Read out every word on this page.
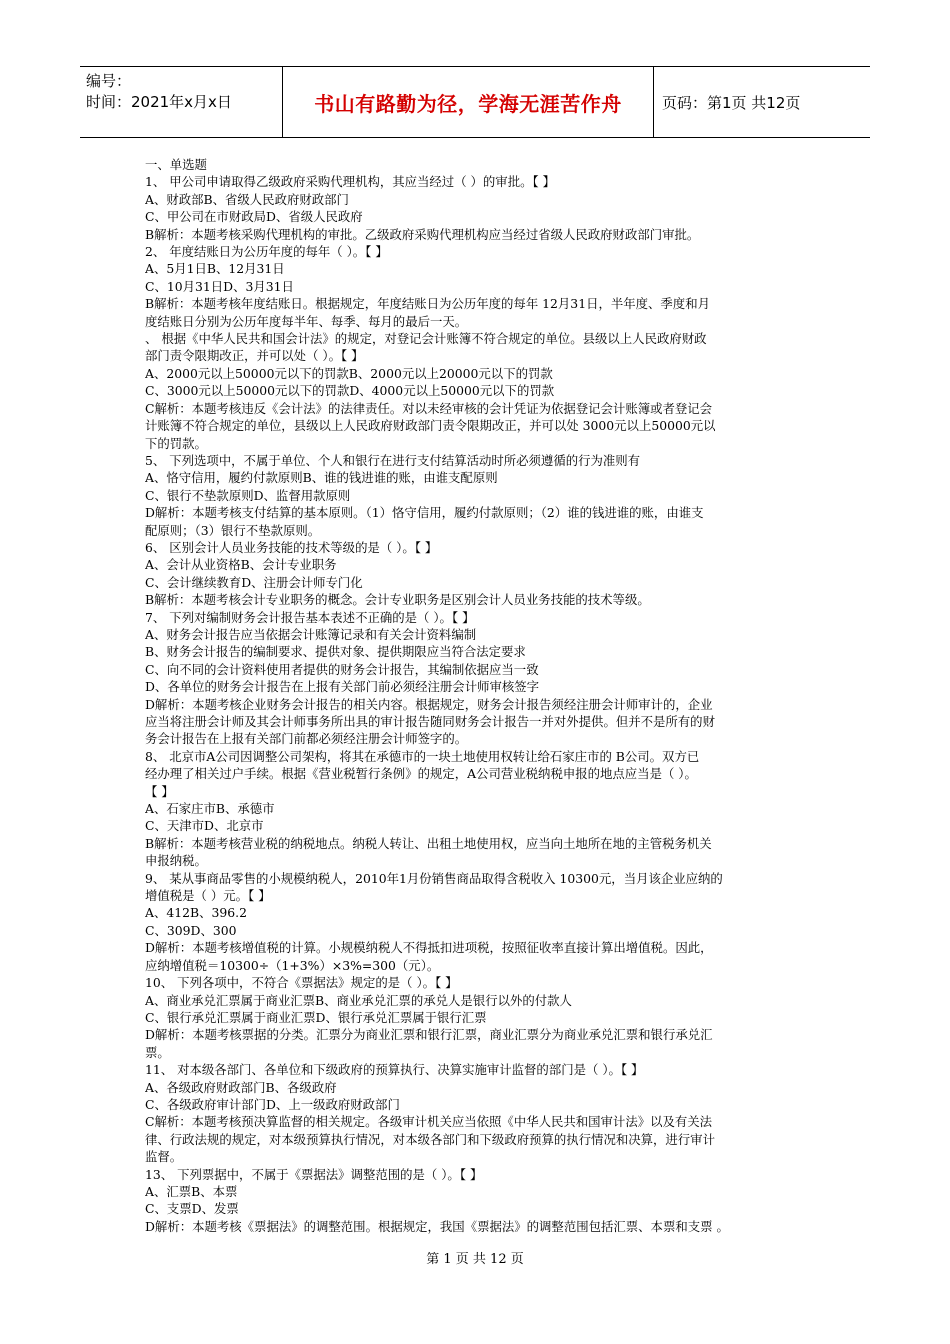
编号：
时间：2021年x月x日	书山有路勤为径，学海无涯苦作舟	页码：第1页 共12页
一、单选题
1、 甲公司申请取得乙级政府采购代理机构，其应当经过（ ）的审批。【 】
A、财政部B、省级人民政府财政部门
C、甲公司在市财政局D、省级人民政府
B解析：本题考核采购代理机构的审批。乙级政府采购代理机构应当经过省级人民政府财政部门审批。
2、 年度结账日为公历年度的每年（ ）。【 】
A、5月1日B、12月31日
C、10月31日D、3月31日
B解析：本题考核年度结账日。根据规定，年度结账日为公历年度的每年 12月31日，半年度、季度和月
度结账日分别为公历年度每半年、每季、每月的最后一天。
、 根据《中华人民共和国会计法》的规定，对登记会计账簿不符合规定的单位。县级以上人民政府财政
部门责令限期改正，并可以处（ ）。【 】
A、2000元以上50000元以下的罚款B、2000元以上20000元以下的罚款
C、3000元以上50000元以下的罚款D、4000元以上50000元以下的罚款
C解析：本题考核违反《会计法》的法律责任。对以未经审核的会计凭证为依据登记会计账簿或者登记会
计账簿不符合规定的单位，县级以上人民政府财政部门责令限期改正，并可以处 3000元以上50000元以
下的罚款。
5、 下列选项中，不属于单位、个人和银行在进行支付结算活动时所必须遵循的行为准则有
A、恪守信用，履约付款原则B、谁的钱进谁的账，由谁支配原则
C、银行不垫款原则D、监督用款原则
D解析：本题考核支付结算的基本原则。（1）恪守信用，履约付款原则；（2）谁的钱进谁的账，由谁支
配原则；（3）银行不垫款原则。
6、 区别会计人员业务技能的技术等级的是（ ）。【 】
A、会计从业资格B、会计专业职务
C、会计继续教育D、注册会计师专门化
B解析：本题考核会计专业职务的概念。会计专业职务是区别会计人员业务技能的技术等级。
7、 下列对编制财务会计报告基本表述不正确的是（ ）。【 】
A、财务会计报告应当依据会计账簿记录和有关会计资料编制
B、财务会计报告的编制要求、提供对象、提供期限应当符合法定要求
C、向不同的会计资料使用者提供的财务会计报告，其编制依据应当一致
D、各单位的财务会计报告在上报有关部门前必须经注册会计师审核签字
D解析：本题考核企业财务会计报告的相关内容。根据规定，财务会计报告须经注册会计师审计的，企业
应当将注册会计师及其会计师事务所出具的审计报告随同财务会计报告一并对外提供。但并不是所有的财
务会计报告在上报有关部门前都必须经注册会计师签字的。
8、 北京市A公司因调整公司架构，将其在承德市的一块土地使用权转让给石家庄市的 B公司。双方已
经办理了相关过户手续。根据《营业税暂行条例》的规定，A公司营业税纳税申报的地点应当是（ ）。
【 】
A、石家庄市B、承德市
C、天津市D、北京市
B解析：本题考核营业税的纳税地点。纳税人转让、出租土地使用权，应当向土地所在地的主管税务机关
申报纳税。
9、 某从事商品零售的小规模纳税人，2010年1月份销售商品取得含税收入 10300元，当月该企业应纳的
增值税是（ ）元。【 】
A、412B、396.2
C、309D、300
D解析：本题考核增值税的计算。小规模纳税人不得抵扣进项税，按照征收率直接计算出增值税。因此，
应纳增值税＝10300÷（1+3%）×3%=300（元）。
10、 下列各项中，不符合《票据法》规定的是（ ）。【 】
A、商业承兑汇票属于商业汇票B、商业承兑汇票的承兑人是银行以外的付款人
C、银行承兑汇票属于商业汇票D、银行承兑汇票属于银行汇票
D解析：本题考核票据的分类。汇票分为商业汇票和银行汇票，商业汇票分为商业承兑汇票和银行承兑汇
票。
11、 对本级各部门、各单位和下级政府的预算执行、决算实施审计监督的部门是（ ）。【 】
A、各级政府财政部门B、各级政府
C、各级政府审计部门D、上一级政府财政部门
C解析：本题考核预决算监督的相关规定。各级审计机关应当依照《中华人民共和国审计法》以及有关法
律、行政法规的规定，对本级预算执行情况，对本级各部门和下级政府预算的执行情况和决算，进行审计
监督。
13、 下列票据中，不属于《票据法》调整范围的是（ ）。【 】
A、汇票B、本票
C、支票D、发票
D解析：本题考核《票据法》的调整范围。根据规定，我国《票据法》的调整范围包括汇票、本票和支票 。
第 1 页 共 12 页
